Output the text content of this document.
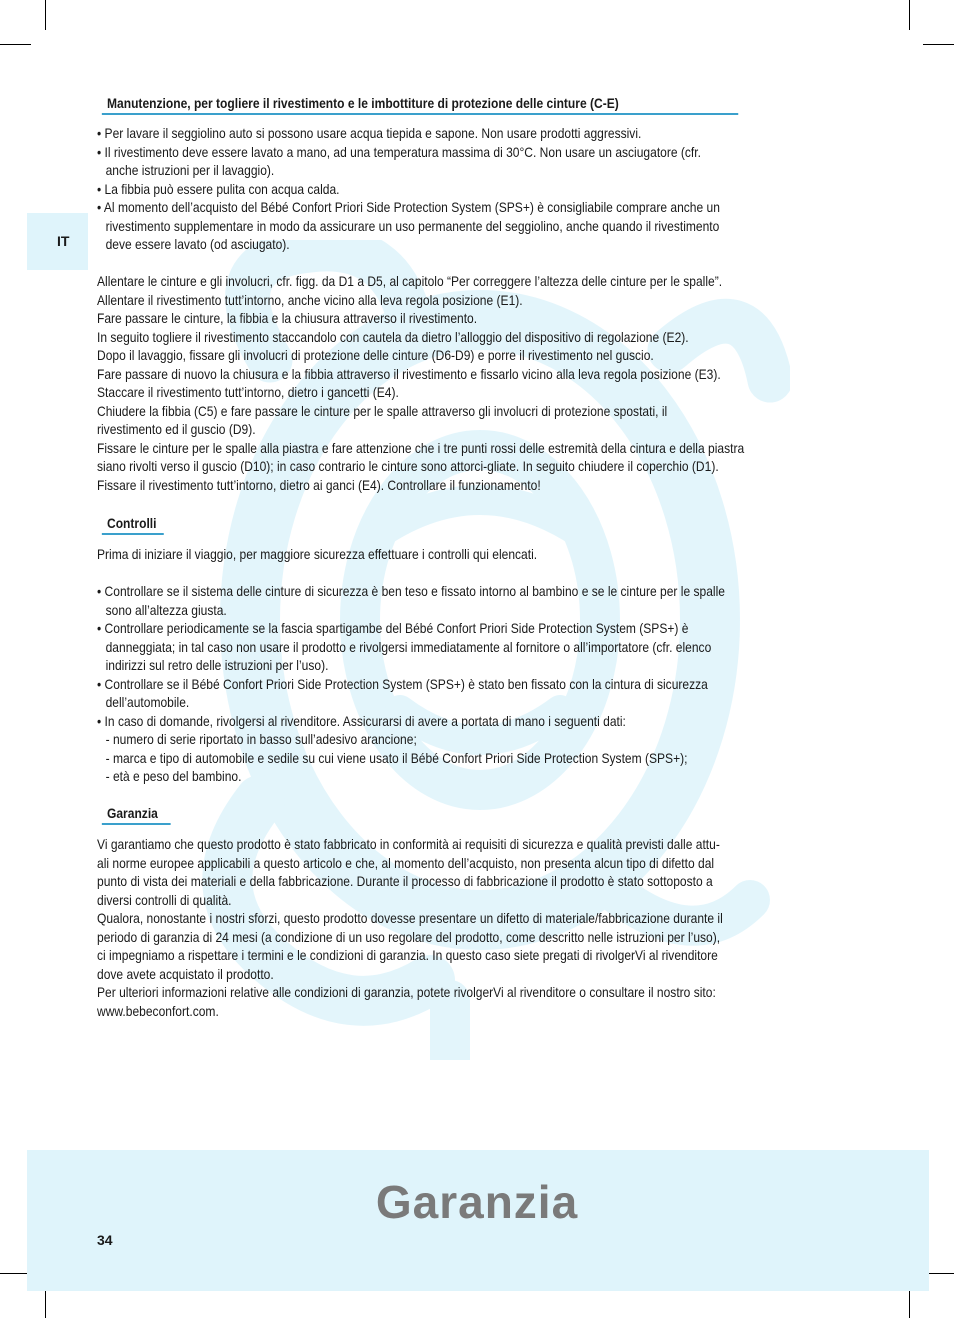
IT
Manutenzione, per togliere il rivestimento e le imbottiture di protezione delle cinture (C-E)

• Per lavare il seggiolino auto si possono usare acqua tiepida e sapone. Non usare prodotti aggressivi.

• Il rivestimento deve essere lavato a mano, ad una temperatura massima di 30°C. Non usare un asciugatore (cfr.
anche istruzioni per il lavaggio).

• La fibbia può essere pulita con acqua calda.

• Al momento dell’acquisto del Bébé Confort Priori Side Protection System (SPS+) è consigliabile comprare anche un
rivestimento supplementare in modo da assicurare un uso permanente del seggiolino, anche quando il rivestimento
deve essere lavato (od asciugato).

Allentare le cinture e gli involucri, cfr. figg. da D1 a D5, al capitolo “Per correggere l’altezza delle cinture per le spalle”.

Allentare il rivestimento tutt’intorno, anche vicino alla leva regola posizione (E1).

Fare passare le cinture, la fibbia e la chiusura attraverso il rivestimento.

In seguito togliere il rivestimento staccandolo con cautela da dietro l’alloggio del dispositivo di regolazione (E2).

Dopo il lavaggio, fissare gli involucri di protezione delle cinture (D6-D9) e porre il rivestimento nel guscio.

Fare passare di nuovo la chiusura e la fibbia attraverso il rivestimento e fissarlo vicino alla leva regola posizione (E3).

Staccare il rivestimento tutt’intorno, dietro i gancetti (E4).

Chiudere la fibbia (C5) e fare passare le cinture per le spalle attraverso gli involucri di protezione spostati, il

rivestimento ed il guscio (D9).

Fissare le cinture per le spalle alla piastra e fare attenzione che i tre punti rossi delle estremità della cintura e della piastra

siano rivolti verso il guscio (D10); in caso contrario le cinture sono attorci-gliate. In seguito chiudere il coperchio (D1).

Fissare il rivestimento tutt’intorno, dietro ai ganci (E4). Controllare il funzionamento!

Controlli

Prima di iniziare il viaggio, per maggiore sicurezza effettuare i controlli qui elencati.

• Controllare se il sistema delle cinture di sicurezza è ben teso e fissato intorno al bambino e se le cinture per le spalle
sono all’altezza giusta.

• Controllare periodicamente se la fascia spartigambe del Bébé Confort Priori Side Protection System (SPS+) è
danneggiata; in tal caso non usare il prodotto e rivolgersi immediatamente al fornitore o all’importatore (cfr. elenco
indirizzi sul retro delle istruzioni per l’uso).

• Controllare se il Bébé Confort Priori Side Protection System (SPS+) è stato ben fissato con la cintura di sicurezza
dell’automobile.

• In caso di domande, rivolgersi al rivenditore. Assicurarsi di avere a portata di mano i seguenti dati:

- numero di serie riportato in basso sull’adesivo arancione;

- marca e tipo di automobile e sedile su cui viene usato il Bébé Confort Priori Side Protection System (SPS+);

- età e peso del bambino.

Garanzia

Vi garantiamo che questo prodotto è stato fabbricato in conformità ai requisiti di sicurezza e qualità previsti dalle attu-

ali norme europee applicabili a questo articolo e che, al momento dell’acquisto, non presenta alcun tipo di difetto dal

punto di vista dei materiali e della fabbricazione. Durante il processo di fabbricazione il prodotto è stato sottoposto a

diversi controlli di qualità.

Qualora, nonostante i nostri sforzi, questo prodotto dovesse presentare un difetto di materiale/fabbricazione durante il

periodo di garanzia di 24 mesi (a condizione di un uso regolare del prodotto, come descritto nelle istruzioni per l’uso),

ci impegniamo a rispettare i termini e le condizioni di garanzia. In questo caso siete pregati di rivolgerVi al rivenditore

dove avete acquistato il prodotto.

Per ulteriori informazioni relative alle condizioni di garanzia, potete rivolgerVi al rivenditore o consultare il nostro sito:

www.bebeconfort.com.

Garanzia
34
